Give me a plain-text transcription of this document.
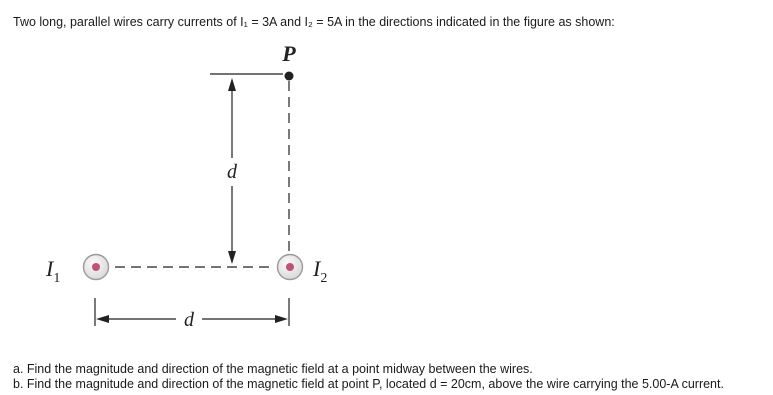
Two long, parallel wires carry currents of I₁ = 3A and I₂ = 5A in the directions indicated in the figure as shown:
P
d
$I_1$	$I_2$
d

a. Find the magnitude and direction of the magnetic field at a point midway between the wires.

b. Find the magnitude and direction of the magnetic field at point P, located d = 20cm, above the wire carrying the 5.00-A current.
